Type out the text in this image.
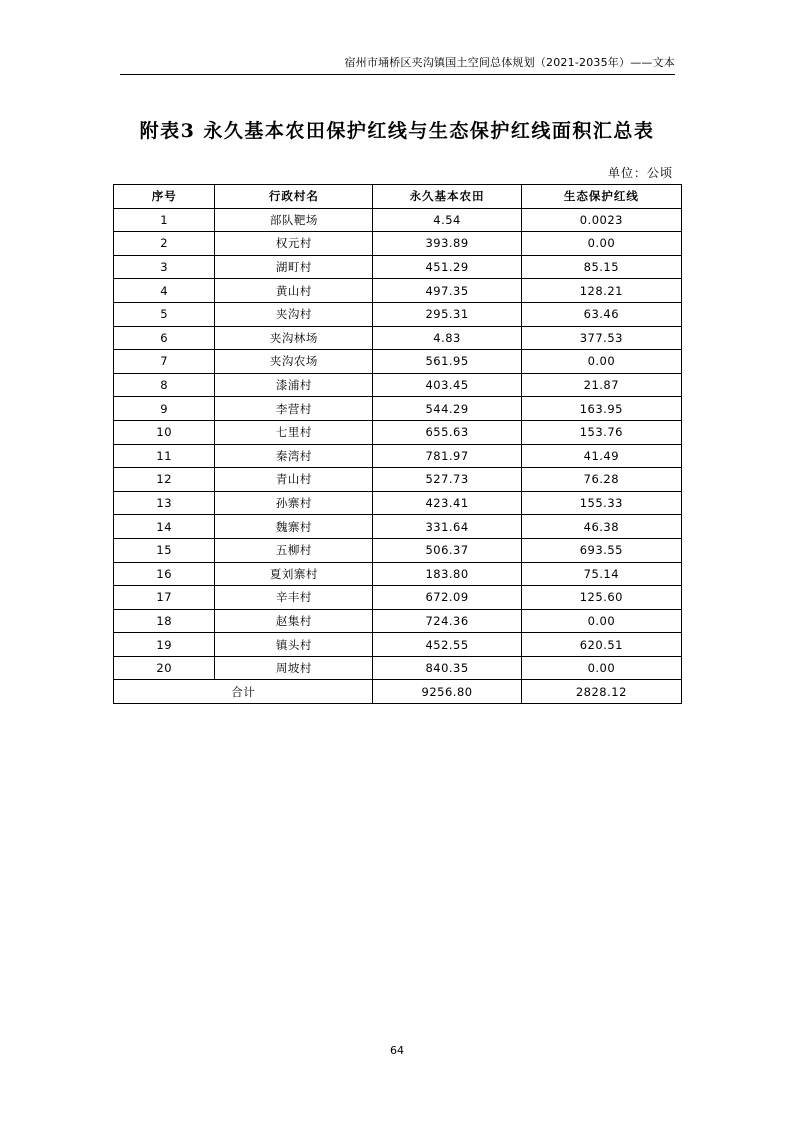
宿州市埇桥区夹沟镇国土空间总体规划（2021-2035年）——文本
附表3 永久基本农田保护红线与生态保护红线面积汇总表
单位：公顷
序号	行政村名	永久基本农田	生态保护红线
1	部队靶场	4.54	0.0023
2	权元村	393.89	0.00
3	湖町村	451.29	85.15
4	黄山村	497.35	128.21
5	夹沟村	295.31	63.46
6	夹沟林场	4.83	377.53
7	夹沟农场	561.95	0.00
8	漆浦村	403.45	21.87
9	李营村	544.29	163.95
10	七里村	655.63	153.76
11	秦湾村	781.97	41.49
12	青山村	527.73	76.28
13	孙寨村	423.41	155.33
14	魏寨村	331.64	46.38
15	五柳村	506.37	693.55
16	夏刘寨村	183.80	75.14
17	辛丰村	672.09	125.60
18	赵集村	724.36	0.00
19	镇头村	452.55	620.51
20	周坡村	840.35	0.00
合计		9256.80	2828.12
64
